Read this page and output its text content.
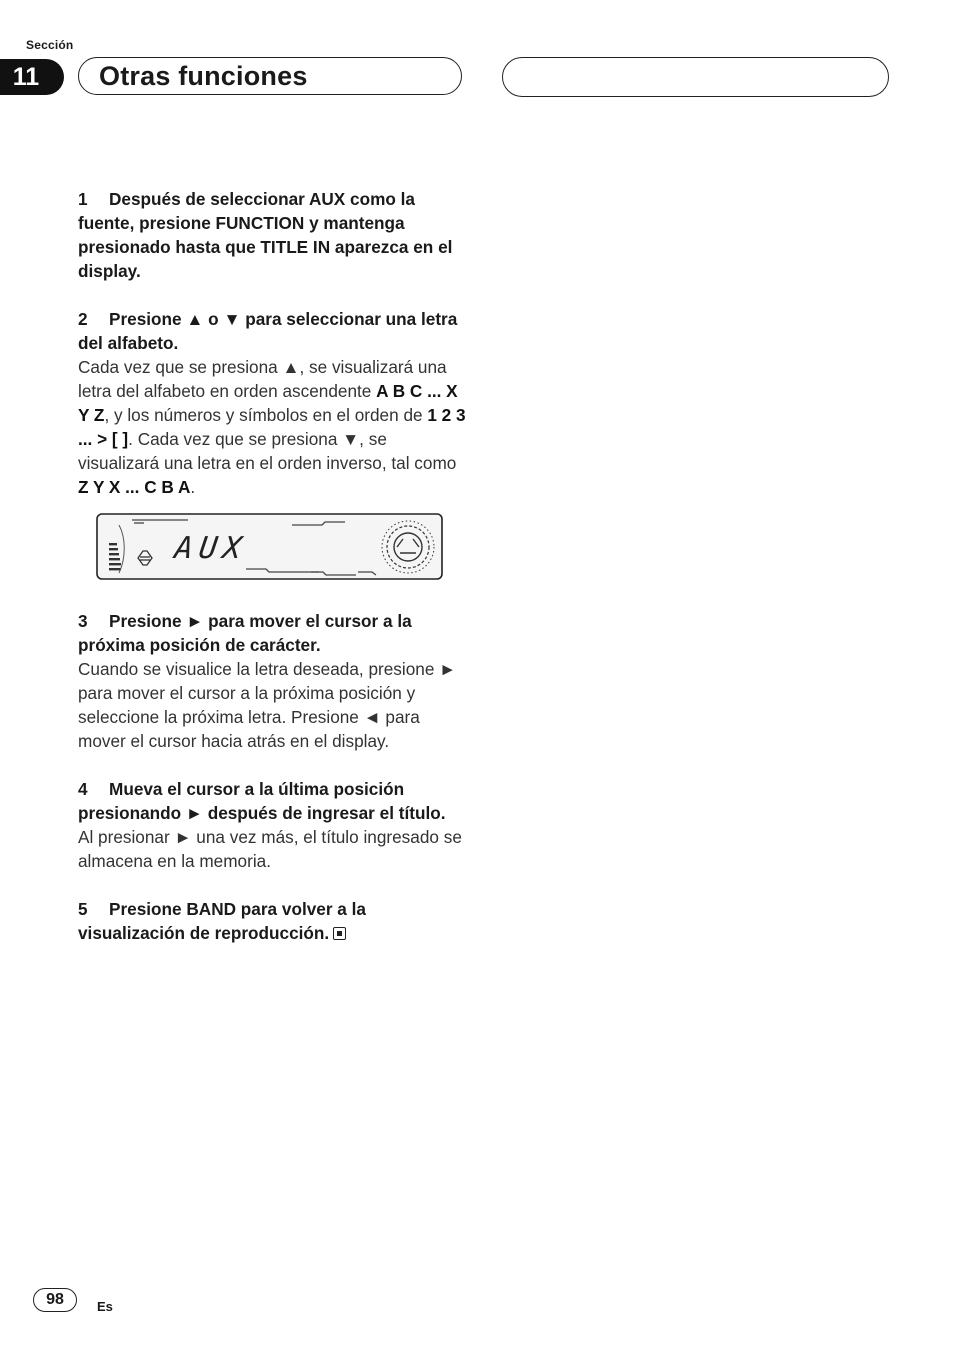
Sección
11	Otras funciones
1 Después de seleccionar AUX como la fuente, presione FUNCTION y mantenga presionado hasta que TITLE IN aparezca en el display.
2 Presione ▲ o ▼ para seleccionar una letra del alfabeto.
Cada vez que se presiona ▲, se visualizará una letra del alfabeto en orden ascendente A B C ... X Y Z, y los números y símbolos en el orden de 1 2 3 ... > [ ]. Cada vez que se presiona ▼, se visualizará una letra en el orden inverso, tal como Z Y X ... C B A.
AUX
3 Presione ► para mover el cursor a la próxima posición de carácter.
Cuando se visualice la letra deseada, presione ► para mover el cursor a la próxima posición y seleccione la próxima letra. Presione ◄ para mover el cursor hacia atrás en el display.
4 Mueva el cursor a la última posición presionando ► después de ingresar el título.
Al presionar ► una vez más, el título ingresado se almacena en la memoria.
5 Presione BAND para volver a la visualización de reproducción.
98	Es
